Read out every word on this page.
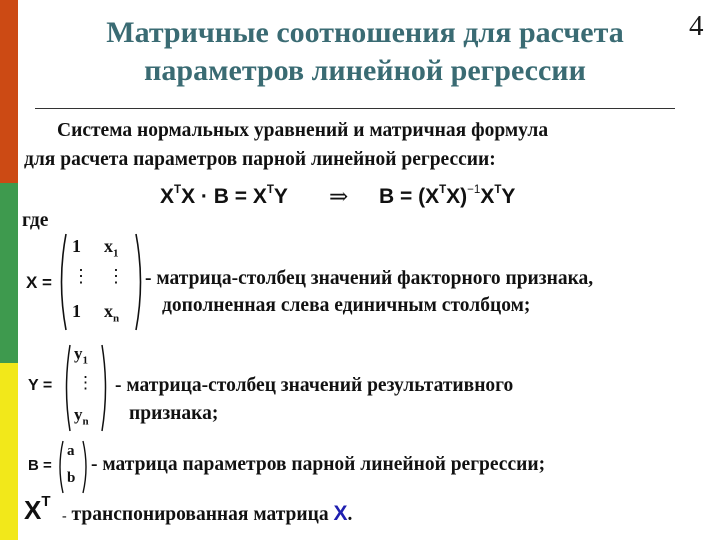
Матричные соотношения для расчета
параметров линейной регрессии
4
Система нормальных уравнений и матричная формула
для расчета параметров парной линейной регрессии:
$X^TX \cdot B = X^TY$ ⇒ $B = (X^TX)^{-1}X^TY$
где
X =
1 $x_1$
⋮ ⋮
1 $x_n$
- матрица-столбец значений факторного признака,
дополненная слева единичным столбцом;
Y =
$y_1$
⋮
$y_n$
- матрица-столбец значений результативного
признака;
B =
a
b
- матрица параметров парной линейной регрессии;
$X^T$
- транспонированная матрица X.
